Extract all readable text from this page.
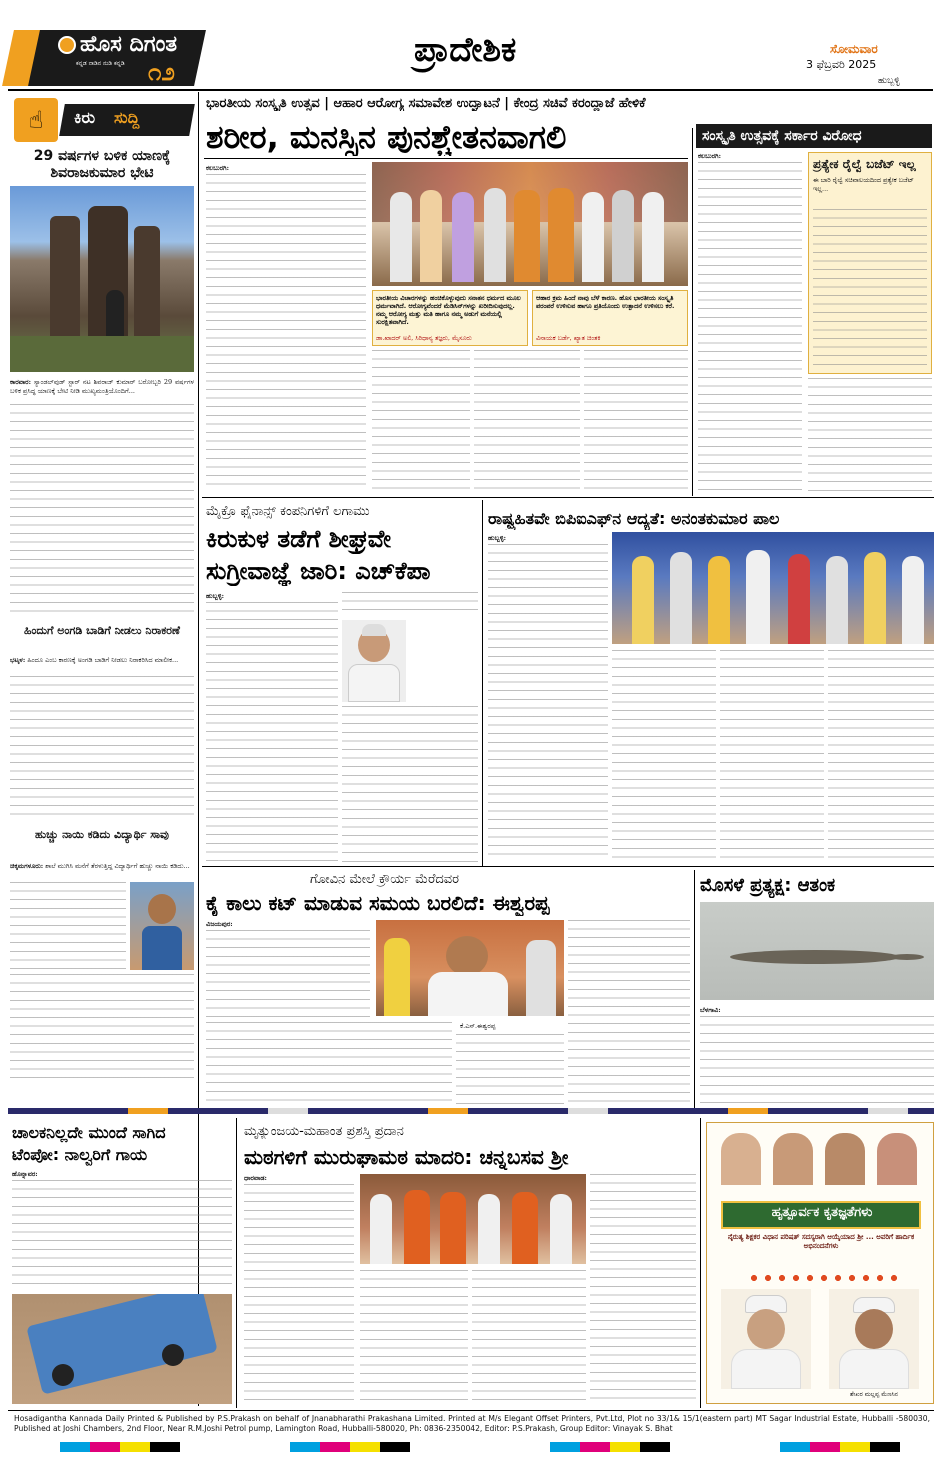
ಹೊಸ ದಿಗಂತ
ಕನ್ನಡ ನಾಡಿನ ನುಡಿ ಕನ್ನಡಿ ೧೨
ಪ್ರಾದೇಶಿಕ	ಸೋಮವಾರ
3 ಫೆಬ್ರವರಿ 2025
ಹುಬ್ಬಳ್ಳಿ
☝	ಕಿರು ಸುದ್ದಿ
29 ವರ್ಷಗಳ ಬಳಿಕ ಯಾಣಕ್ಕೆ ಶಿವರಾಜಕುಮಾರ ಭೇಟಿ
ಕಾರವಾರ: ಸ್ಯಾಂಡಲ್‌ವುಡ್ ಸ್ಟಾರ್ ನಟ ಶಿವರಾಜ್ ಕುಮಾರ್ ಬರೋಬ್ಬರಿ 29 ವರ್ಷಗಳ ಬಳಿಕ ಪ್ರಸಿದ್ಧ ಯಾಣಕ್ಕೆ ಬೇಟಿ ನೀಡಿ ಮುಖ್ಯಮಂತ್ರಿಯೊಂದಿಗೆ...
ಹಿಂದುಗೆ ಅಂಗಡಿ ಬಾಡಿಗೆ ನೀಡಲು ನಿರಾಕರಣೆ
ಭಟ್ಕಳ: ಹಿಂದೂ ಎಂಬ ಕಾರಣಕ್ಕೆ ಅಂಗಡಿ ಬಾಡಿಗೆ ನೀಡಲು ನಿರಾಕರಿಸಿದ ಮಾಲೀಕ...
ಹುಚ್ಚು ನಾಯಿ ಕಡಿದು ವಿದ್ಯಾರ್ಥಿ ಸಾವು
ಚಿಕ್ಕಮಗಳೂರು: ಶಾಲೆ ಮುಗಿಸಿ ಮನೆಗೆ ತೆರಳುತ್ತಿದ್ದ ವಿದ್ಯಾರ್ಥಿಗೆ ಹುಚ್ಚು ನಾಯಿ ಕಡಿದು...
ಭಾರತೀಯ ಸಂಸ್ಕೃತಿ ಉತ್ಸವ | ಆಹಾರ ಆರೋಗ್ಯ ಸಮಾವೇಶ ಉದ್ಘಾಟನೆ | ಕೇಂದ್ರ ಸಚಿವೆ ಕರಂದ್ಲಾಜೆ ಹೇಳಿಕೆ
ಶರೀರ, ಮನಸ್ಸಿನ ಪುನಶ್ಚೇತನವಾಗಲಿ
ಕಲಬುರಗಿ:
ಭಾರತೀಯ ವಿಚಾರಗಳನ್ನು ಹಂಚಿಕೊಳ್ಳುವುದು ಸನಾತನ ಧರ್ಮದ ಮೂಲ ಧರ್ಮವಾಗಿದೆ. ಆರೋಗ್ಯವೆಂದರೆ ಮೆಡಿಸಿನ್‌ಗಳನ್ನು ಖರೀದಿಸುವುದಲ್ಲ. ನಮ್ಮ ಆರೋಗ್ಯ ಮತ್ತು ಮತಿ ಹಾಗೂ ನಮ್ಮ ಅಡುಗೆ ಮನೆಯಲ್ಲಿ ಸುರಕ್ಷಿತವಾಗಿದೆ.
ಡಾ.ಖಾದರ್ ಅಲಿ, ಸಿರಿಧಾನ್ಯ ತಜ್ಞರು, ಮೈಸೂರು
ಆಹಾರ ಕ್ರಮ ಹಿಂದೆ ನಾವು ಬೆಳೆ ಕಾರಣ. ಹೊಸ ಭಾರತೀಯ ಸಂಸ್ಕೃತಿ ಪರಂಪರೆ ಉಳಿಸುವ ಹಾಗೂ ಪ್ರತಿಯೊಂದು ಉತ್ಪಾದನೆ ಉಳಿಸಲು ಕರೆ.
ವಿನಾಯಕ ಬರ್ಡೆ, ಖ್ಯಾತ ಚಿಂತಕಿ
ಸಂಸ್ಕೃತಿ ಉತ್ಸವಕ್ಕೆ ಸರ್ಕಾರ ವಿರೋಧ
ಕಲಬುರಗಿ:
ಪ್ರತ್ಯೇಕ ರೈಲ್ವೆ ಬಜೆಟ್ ಇಲ್ಲ
ಈ ಬಾರಿ ರೈಲ್ವೆ ಸಚಿವಾಲಯದಿಂದ ಪ್ರತ್ಯೇಕ ಬಜೆಟ್ ಇಲ್ಲ...
ಮೈಕ್ರೊ ಫೈನಾನ್ಸ್ ಕಂಪನಿಗಳಿಗೆ ಲಗಾಮು
ಕಿರುಕುಳ ತಡೆಗೆ ಶೀಘ್ರವೇ
ಸುಗ್ರೀವಾಜ್ಞೆ ಜಾರಿ: ಎಚ್‌ಕೆಪಾ
ಹುಬ್ಬಳ್ಳಿ:
ರಾಷ್ಟ್ರಹಿತವೇ ಬಿಪಿಐಎಫ್‌ನ ಆದ್ಯತೆ: ಅನಂತಕುಮಾರ ಪಾಲ
ಹುಬ್ಬಳ್ಳಿ:
ಗೋವಿನ ಮೇಲೆ ಕ್ರೌರ್ಯ ಮೆರೆದವರ
ಕೈ ಕಾಲು ಕಟ್ ಮಾಡುವ ಸಮಯ ಬರಲಿದೆ: ಈಶ್ವರಪ್ಪ
ವಿಜಯಪುರ:
ಕೆ.ಎಸ್.ಈಶ್ವರಪ್ಪ
ಮೊಸಳೆ ಪ್ರತ್ಯಕ್ಷ: ಆತಂಕ
ಬೆಳಗಾವಿ:
ಚಾಲಕನಿಲ್ಲದೇ ಮುಂದೆ ಸಾಗಿದ
ಟೆಂಪೋ: ನಾಲ್ವರಿಗೆ ಗಾಯ
ಹೊನ್ನಾವರ:
ಮೃತ್ಯುಂಜಯ-ಮಹಾಂತ ಪ್ರಶಸ್ತಿ ಪ್ರದಾನ
ಮಠಗಳಿಗೆ ಮುರುಘಾಮಠ ಮಾದರಿ: ಚನ್ನಬಸವ ಶ್ರೀ
ಧಾರವಾಡ:
ಹೃತ್ಪೂರ್ವಕ ಕೃತಜ್ಞತೆಗಳು
ನೈರುತ್ಯ ಶಿಕ್ಷಕರ ವಿಧಾನ ಪರಿಷತ್ ಸದಸ್ಯರಾಗಿ ಆಯ್ಕೆಯಾದ ಶ್ರೀ ... ಅವರಿಗೆ ಹಾರ್ದಿಕ ಅಭಿನಂದನೆಗಳು
ಶೇಖರ ಮಲ್ಲಪ್ಪ ಮೆಣಸಿನ
Hosadigantha Kannada Daily Printed & Published by P.S.Prakash on behalf of Jnanabharathi Prakashana Limited. Printed at M/s Elegant Offset Printers, Pvt.Ltd, Plot no 33/1& 15/1(eastern part) MT Sagar Industrial Estate, Hubballi -580030, Published at Joshi Chambers, 2nd Floor, Near R.M.Joshi Petrol pump, Lamington Road, Hubballi-580020, Ph: 0836-2350042, Editor: P.S.Prakash, Group Editor: Vinayak S. Bhat
